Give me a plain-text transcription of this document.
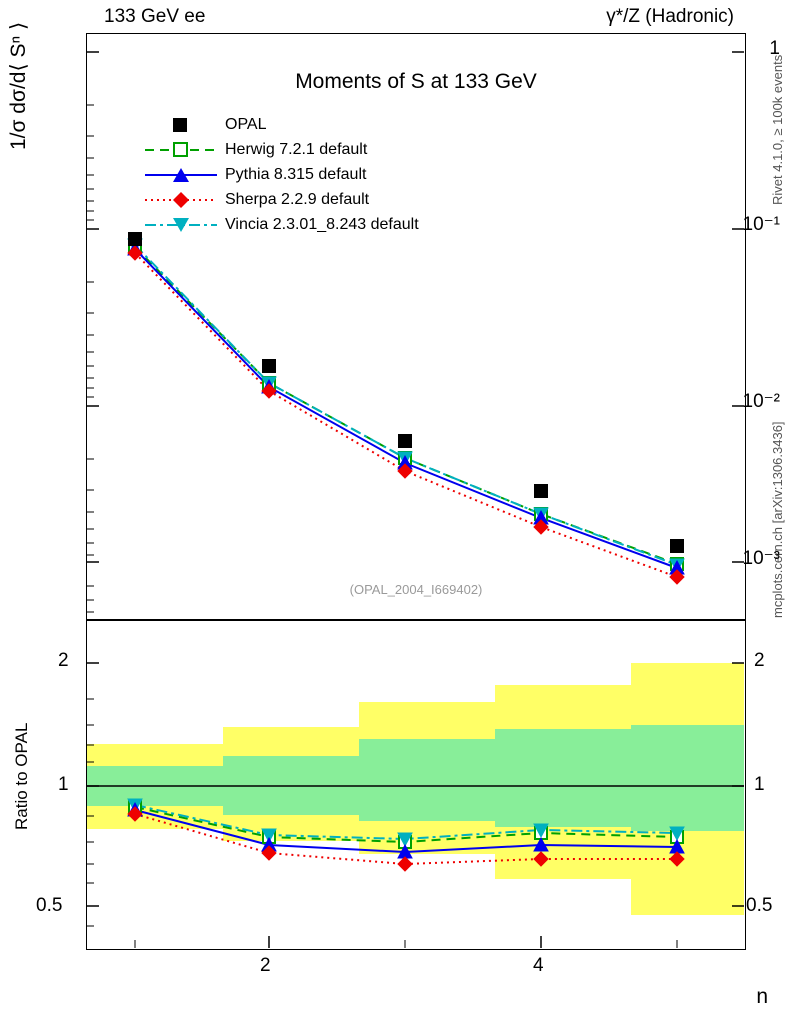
133 GeV ee	γ*/Z (Hadronic)
Rivet 4.1.0, ≥ 100k events
mcplots.cern.ch [arXiv:1306.3436]
Moments of S at 133 GeV
(OPAL_2004_I669402)
OPAL
Herwig 7.2.1 default
Pythia 8.315 default
Sherpa 2.2.9 default
Vincia 2.3.01_8.243 default
1
10⁻¹
10⁻²
10⁻³
1/σ dσ/d⟨ Sⁿ ⟩
2
1
0.5
2
1
0.5
Ratio to OPAL
2	4
n
